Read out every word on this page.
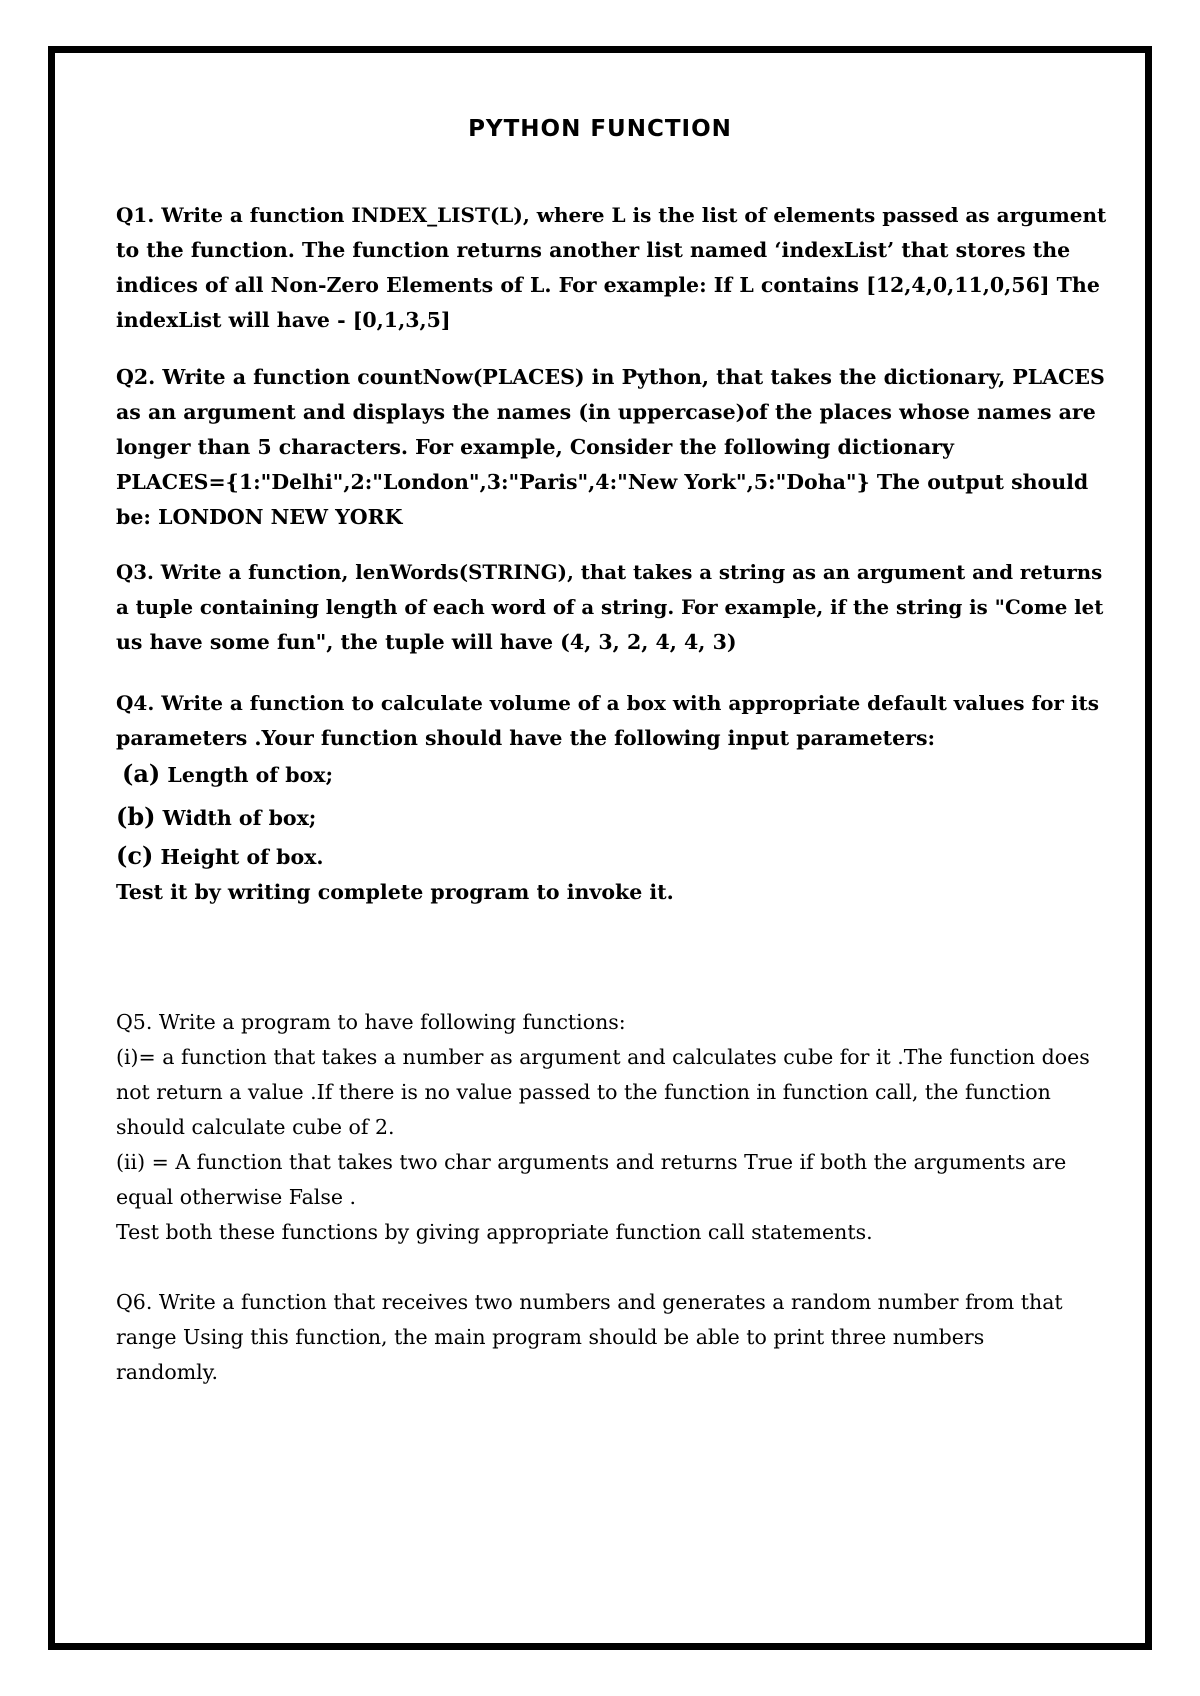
PYTHON FUNCTION
Q1. Write a function INDEX_LIST(L), where L is the list of elements passed as argument
to the function. The function returns another list named ‘indexList’ that stores the
indices of all Non-Zero Elements of L. For example: If L contains [12,4,0,11,0,56] The
indexList will have - [0,1,3,5]
Q2. Write a function countNow(PLACES) in Python, that takes the dictionary, PLACES
as an argument and displays the names (in uppercase)of the places whose names are
longer than 5 characters. For example, Consider the following dictionary
PLACES={1:"Delhi",2:"London",3:"Paris",4:"New York",5:"Doha"} The output should
be: LONDON NEW YORK
Q3. Write a function, lenWords(STRING), that takes a string as an argument and returns
a tuple containing length of each word of a string. For example, if the string is "Come let
us have some fun", the tuple will have (4, 3, 2, 4, 4, 3)
Q4. Write a function to calculate volume of a box with appropriate default values for its
parameters .Your function should have the following input parameters:
(a) Length of box;
(b) Width of box;
(c) Height of box.
Test it by writing complete program to invoke it.
Q5. Write a program to have following functions:
(i)= a function that takes a number as argument and calculates cube for it .The function does
not return a value .If there is no value passed to the function in function call, the function
should calculate cube of 2.
(ii) = A function that takes two char arguments and returns True if both the arguments are
equal otherwise False .
Test both these functions by giving appropriate function call statements.
Q6. Write a function that receives two numbers and generates a random number from that
range Using this function, the main program should be able to print three numbers
randomly.
